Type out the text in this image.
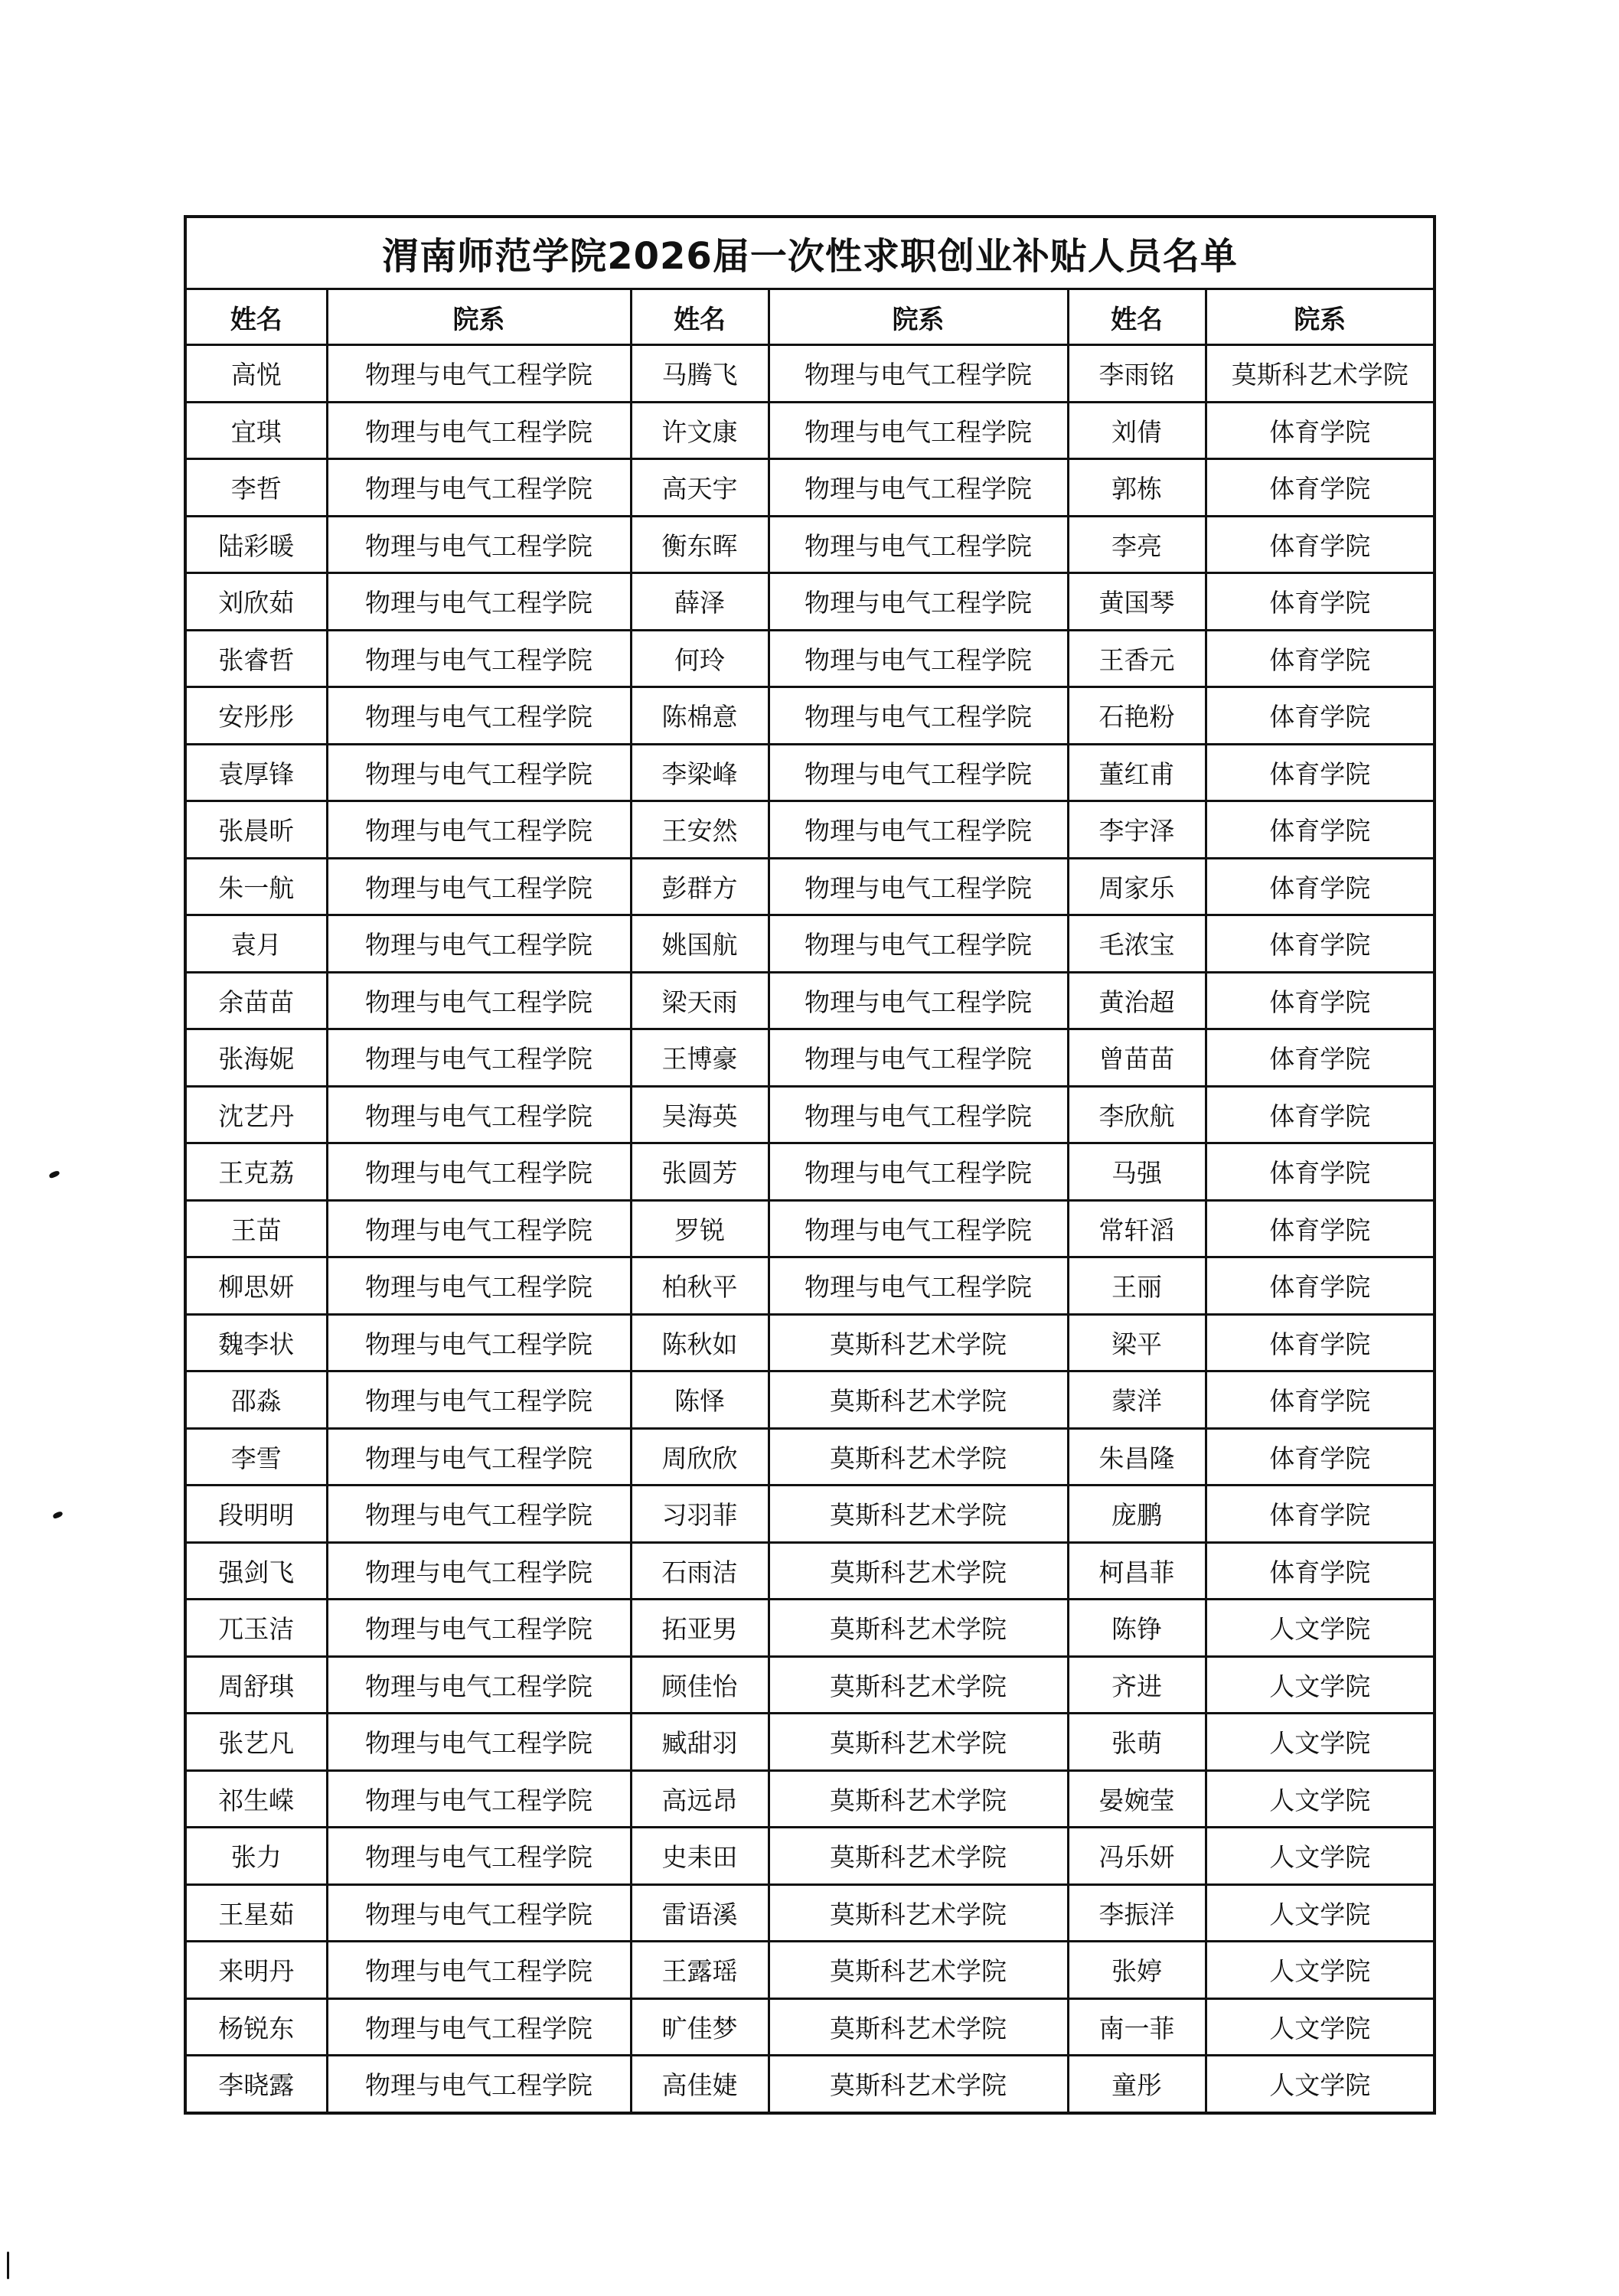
渭南师范学院2026届一次性求职创业补贴人员名单					
姓名	院系	姓名	院系	姓名	院系
高悦	物理与电气工程学院	马腾飞	物理与电气工程学院	李雨铭	莫斯科艺术学院
宜琪	物理与电气工程学院	许文康	物理与电气工程学院	刘倩	体育学院
李哲	物理与电气工程学院	高天宇	物理与电气工程学院	郭栋	体育学院
陆彩暖	物理与电气工程学院	衡东晖	物理与电气工程学院	李亮	体育学院
刘欣茹	物理与电气工程学院	薛泽	物理与电气工程学院	黄国琴	体育学院
张睿哲	物理与电气工程学院	何玲	物理与电气工程学院	王香元	体育学院
安彤彤	物理与电气工程学院	陈棉意	物理与电气工程学院	石艳粉	体育学院
袁厚锋	物理与电气工程学院	李梁峰	物理与电气工程学院	董红甫	体育学院
张晨昕	物理与电气工程学院	王安然	物理与电气工程学院	李宇泽	体育学院
朱一航	物理与电气工程学院	彭群方	物理与电气工程学院	周家乐	体育学院
袁月	物理与电气工程学院	姚国航	物理与电气工程学院	毛浓宝	体育学院
余苗苗	物理与电气工程学院	梁天雨	物理与电气工程学院	黄治超	体育学院
张海妮	物理与电气工程学院	王博豪	物理与电气工程学院	曾苗苗	体育学院
沈艺丹	物理与电气工程学院	吴海英	物理与电气工程学院	李欣航	体育学院
王克荔	物理与电气工程学院	张圆芳	物理与电气工程学院	马强	体育学院
王苗	物理与电气工程学院	罗锐	物理与电气工程学院	常轩滔	体育学院
柳思妍	物理与电气工程学院	柏秋平	物理与电气工程学院	王丽	体育学院
魏李状	物理与电气工程学院	陈秋如	莫斯科艺术学院	梁平	体育学院
邵淼	物理与电气工程学院	陈怿	莫斯科艺术学院	蒙洋	体育学院
李雪	物理与电气工程学院	周欣欣	莫斯科艺术学院	朱昌隆	体育学院
段明明	物理与电气工程学院	习羽菲	莫斯科艺术学院	庞鹏	体育学院
强剑飞	物理与电气工程学院	石雨洁	莫斯科艺术学院	柯昌菲	体育学院
兀玉洁	物理与电气工程学院	拓亚男	莫斯科艺术学院	陈铮	人文学院
周舒琪	物理与电气工程学院	顾佳怡	莫斯科艺术学院	齐进	人文学院
张艺凡	物理与电气工程学院	臧甜羽	莫斯科艺术学院	张萌	人文学院
祁生嵘	物理与电气工程学院	高远昂	莫斯科艺术学院	晏婉莹	人文学院
张力	物理与电气工程学院	史耒田	莫斯科艺术学院	冯乐妍	人文学院
王星茹	物理与电气工程学院	雷语溪	莫斯科艺术学院	李振洋	人文学院
来明丹	物理与电气工程学院	王露瑶	莫斯科艺术学院	张婷	人文学院
杨锐东	物理与电气工程学院	旷佳梦	莫斯科艺术学院	南一菲	人文学院
李晓露	物理与电气工程学院	高佳婕	莫斯科艺术学院	童彤	人文学院
